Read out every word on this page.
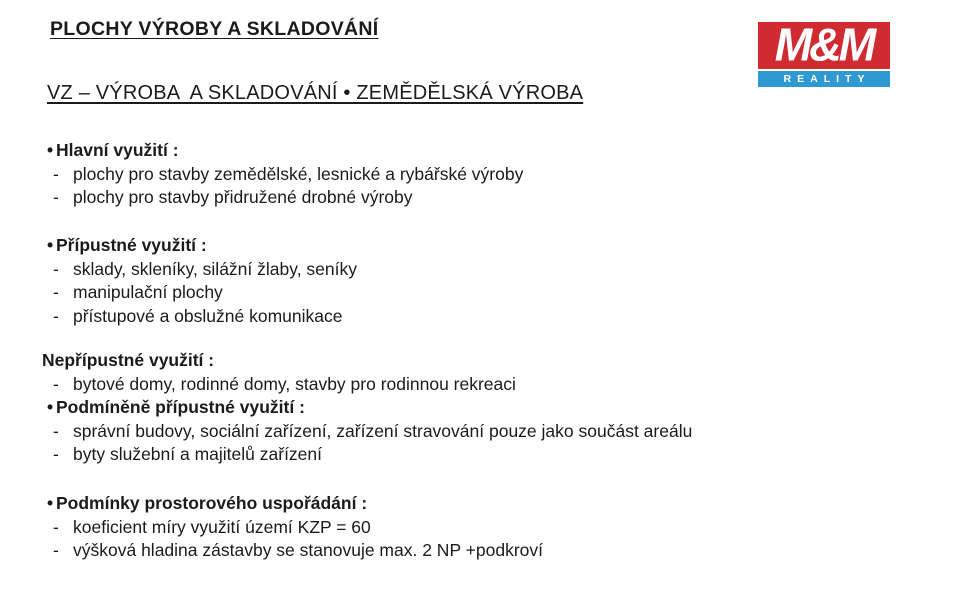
PLOCHY VÝROBY A SKLADOVÁNÍ	M&M
REALITY
VZ – VÝROBA  A SKLADOVÁNÍ • ZEMĚDĚLSKÁ VÝROBA
• Hlavní využití :
- plochy pro stavby zemědělské, lesnické a rybářské výroby
- plochy pro stavby přidružené drobné výroby
• Přípustné využití :
- sklady, skleníky, silážní žlaby, seníky
- manipulační plochy
- přístupové a obslužné komunikace
Nepřípustné využití :
- bytové domy, rodinné domy, stavby pro rodinnou rekreaci
• Podmíněně přípustné využití :
- správní budovy, sociální zařízení, zařízení stravování pouze jako součást areálu
- byty služební a majitelů zařízení
• Podmínky prostorového uspořádání :
- koeficient míry využití území KZP = 60
- výšková hladina zástavby se stanovuje max. 2 NP +podkroví
